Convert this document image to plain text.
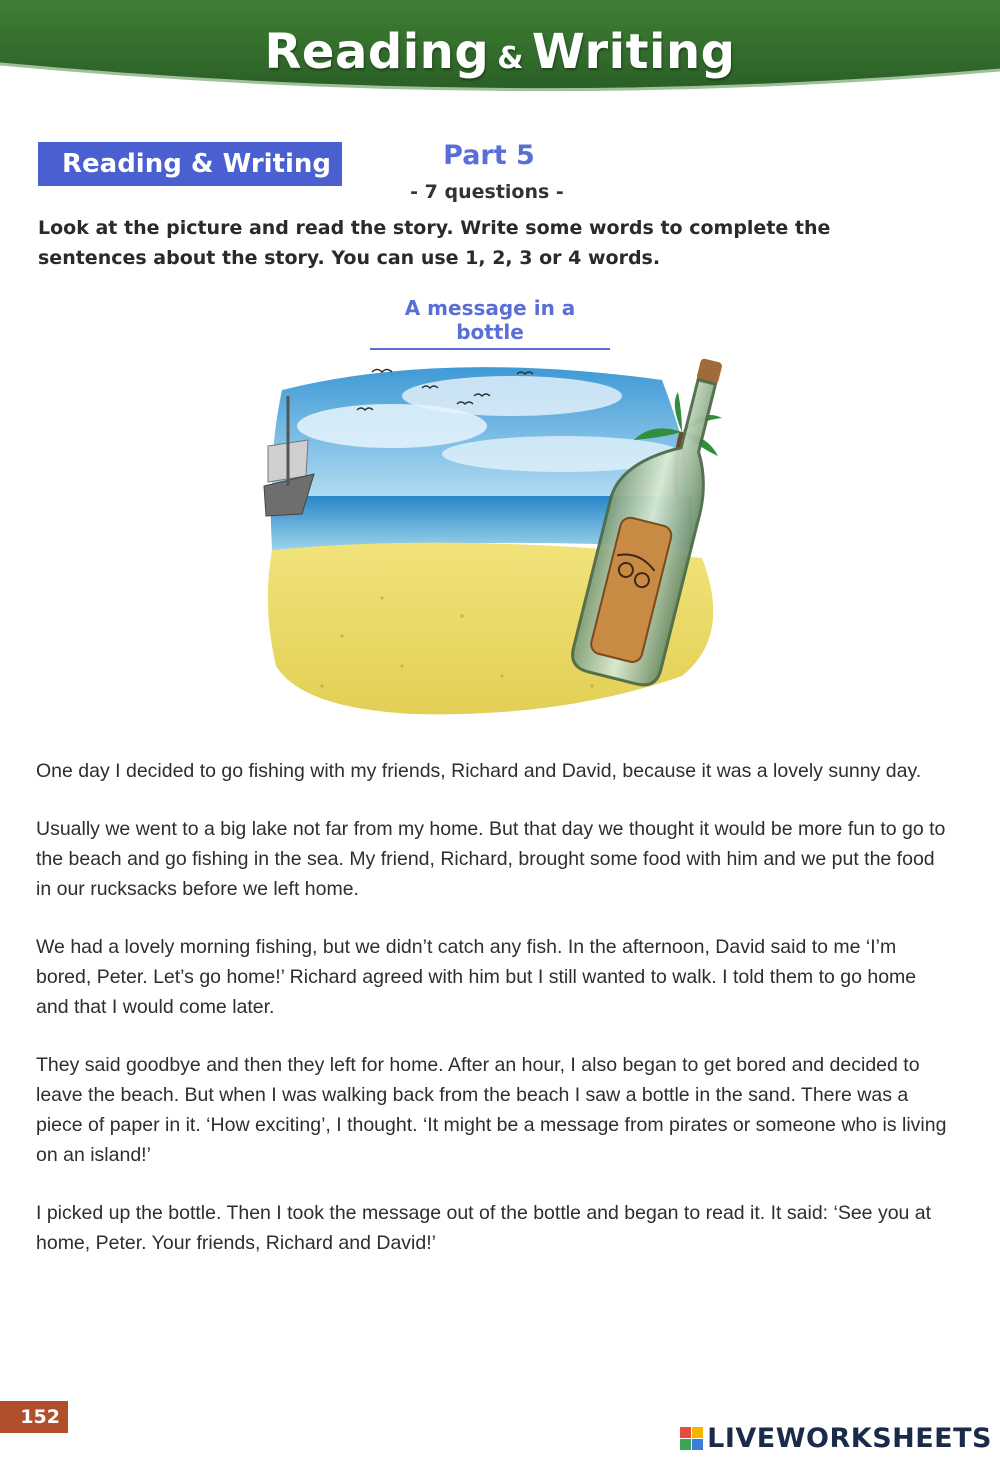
Reading & Writing
Reading & Writing	Part 5
- 7 questions -
Look at the picture and read the story. Write some words to complete the sentences about the story. You can use 1, 2, 3 or 4 words.
A message in a bottle

One day I decided to go fishing with my friends, Richard and David, because it was a lovely sunny day.

Usually we went to a big lake not far from my home. But that day we thought it would be more fun to go to the beach and go fishing in the sea. My friend, Richard, brought some food with him and we put the food in our rucksacks before we left home.

We had a lovely morning fishing, but we didn’t catch any fish. In the afternoon, David said to me ‘I’m bored, Peter. Let’s go home!’ Richard agreed with him but I still wanted to walk. I told them to go home and that I would come later.

They said goodbye and then they left for home. After an hour, I also began to get bored and decided to leave the beach. But when I was walking back from the beach I saw a bottle in the sand. There was a piece of paper in it. ‘How exciting’, I thought. ‘It might be a message from pirates or someone who is living on an island!’

I picked up the bottle. Then I took the message out of the bottle and began to read it. It said: ‘See you at home, Peter. Your friends, Richard and David!’

152
LIVEWORKSHEETS
